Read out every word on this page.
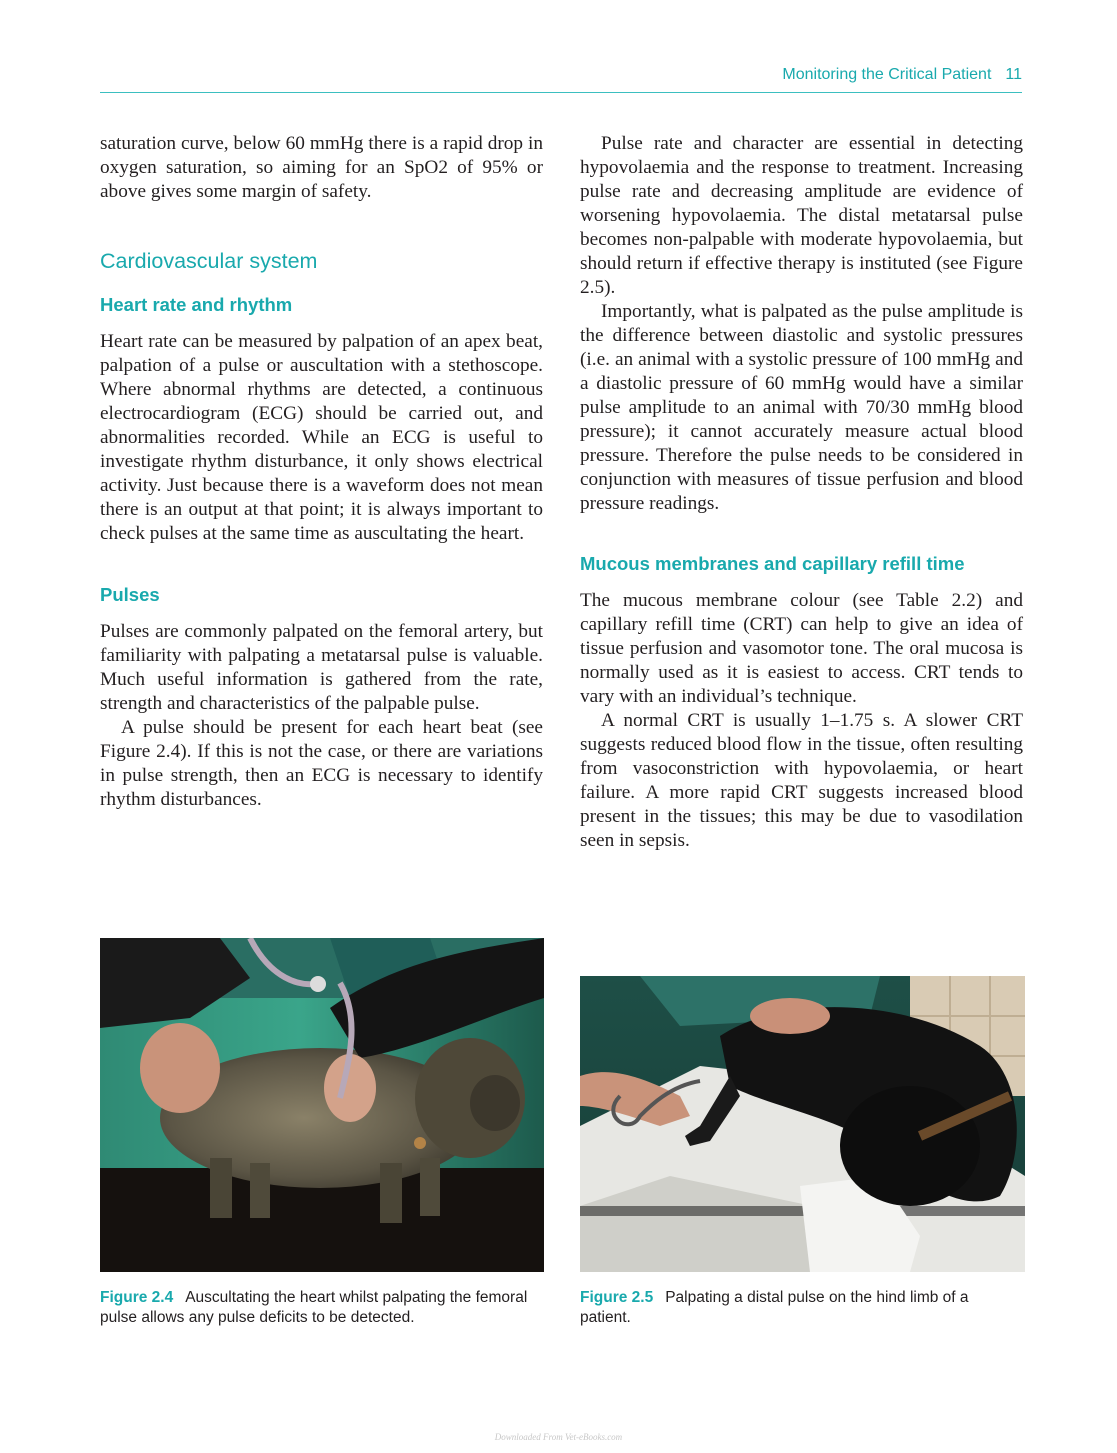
Monitoring the Critical Patient 11

saturation curve, below 60 mmHg there is a rapid drop in oxygen saturation, so aiming for an SpO2 of 95% or above gives some margin of safety.

Cardiovascular system
Heart rate and rhythm

Heart rate can be measured by palpation of an apex beat, palpation of a pulse or auscultation with a stethoscope. Where abnormal rhythms are detected, a continuous electrocardiogram (ECG) should be carried out, and abnormalities recorded. While an ECG is useful to investigate rhythm disturbance, it only shows electrical activity. Just because there is a waveform does not mean there is an output at that point; it is always important to check pulses at the same time as auscultating the heart.

Pulses

Pulses are commonly palpated on the femoral artery, but familiarity with palpating a metatarsal pulse is valuable. Much useful information is gathered from the rate, strength and characteristics of the palpable pulse.

A pulse should be present for each heart beat (see Figure 2.4). If this is not the case, or there are variations in pulse strength, then an ECG is necessary to identify rhythm disturbances.

Pulse rate and character are essential in detecting hypovolaemia and the response to treatment. Increasing pulse rate and decreasing amplitude are evidence of worsening hypovolaemia. The distal metatarsal pulse becomes non-palpable with moderate hypovolaemia, but should return if effective therapy is instituted (see Figure 2.5).

Importantly, what is palpated as the pulse amplitude is the difference between diastolic and systolic pressures (i.e. an animal with a systolic pressure of 100 mmHg and a diastolic pressure of 60 mmHg would have a similar pulse amplitude to an animal with 70/30 mmHg blood pressure); it cannot accurately measure actual blood pressure. Therefore the pulse needs to be considered in conjunction with measures of tissue perfusion and blood pressure readings.

Mucous membranes and capillary refill time

The mucous membrane colour (see Table 2.2) and capillary refill time (CRT) can help to give an idea of tissue perfusion and vasomotor tone. The oral mucosa is normally used as it is easiest to access. CRT tends to vary with an individual’s technique.

A normal CRT is usually 1–1.75 s. A slower CRT suggests reduced blood flow in the tissue, often resulting from vasoconstriction with hypovolaemia, or heart failure. A more rapid CRT suggests increased blood present in the tissues; this may be due to vasodilation seen in sepsis.

Figure 2.4 Auscultating the heart whilst palpating the femoral pulse allows any pulse deficits to be detected.
Figure 2.5 Palpating a distal pulse on the hind limb of a patient.
Downloaded From Vet-eBooks.com
